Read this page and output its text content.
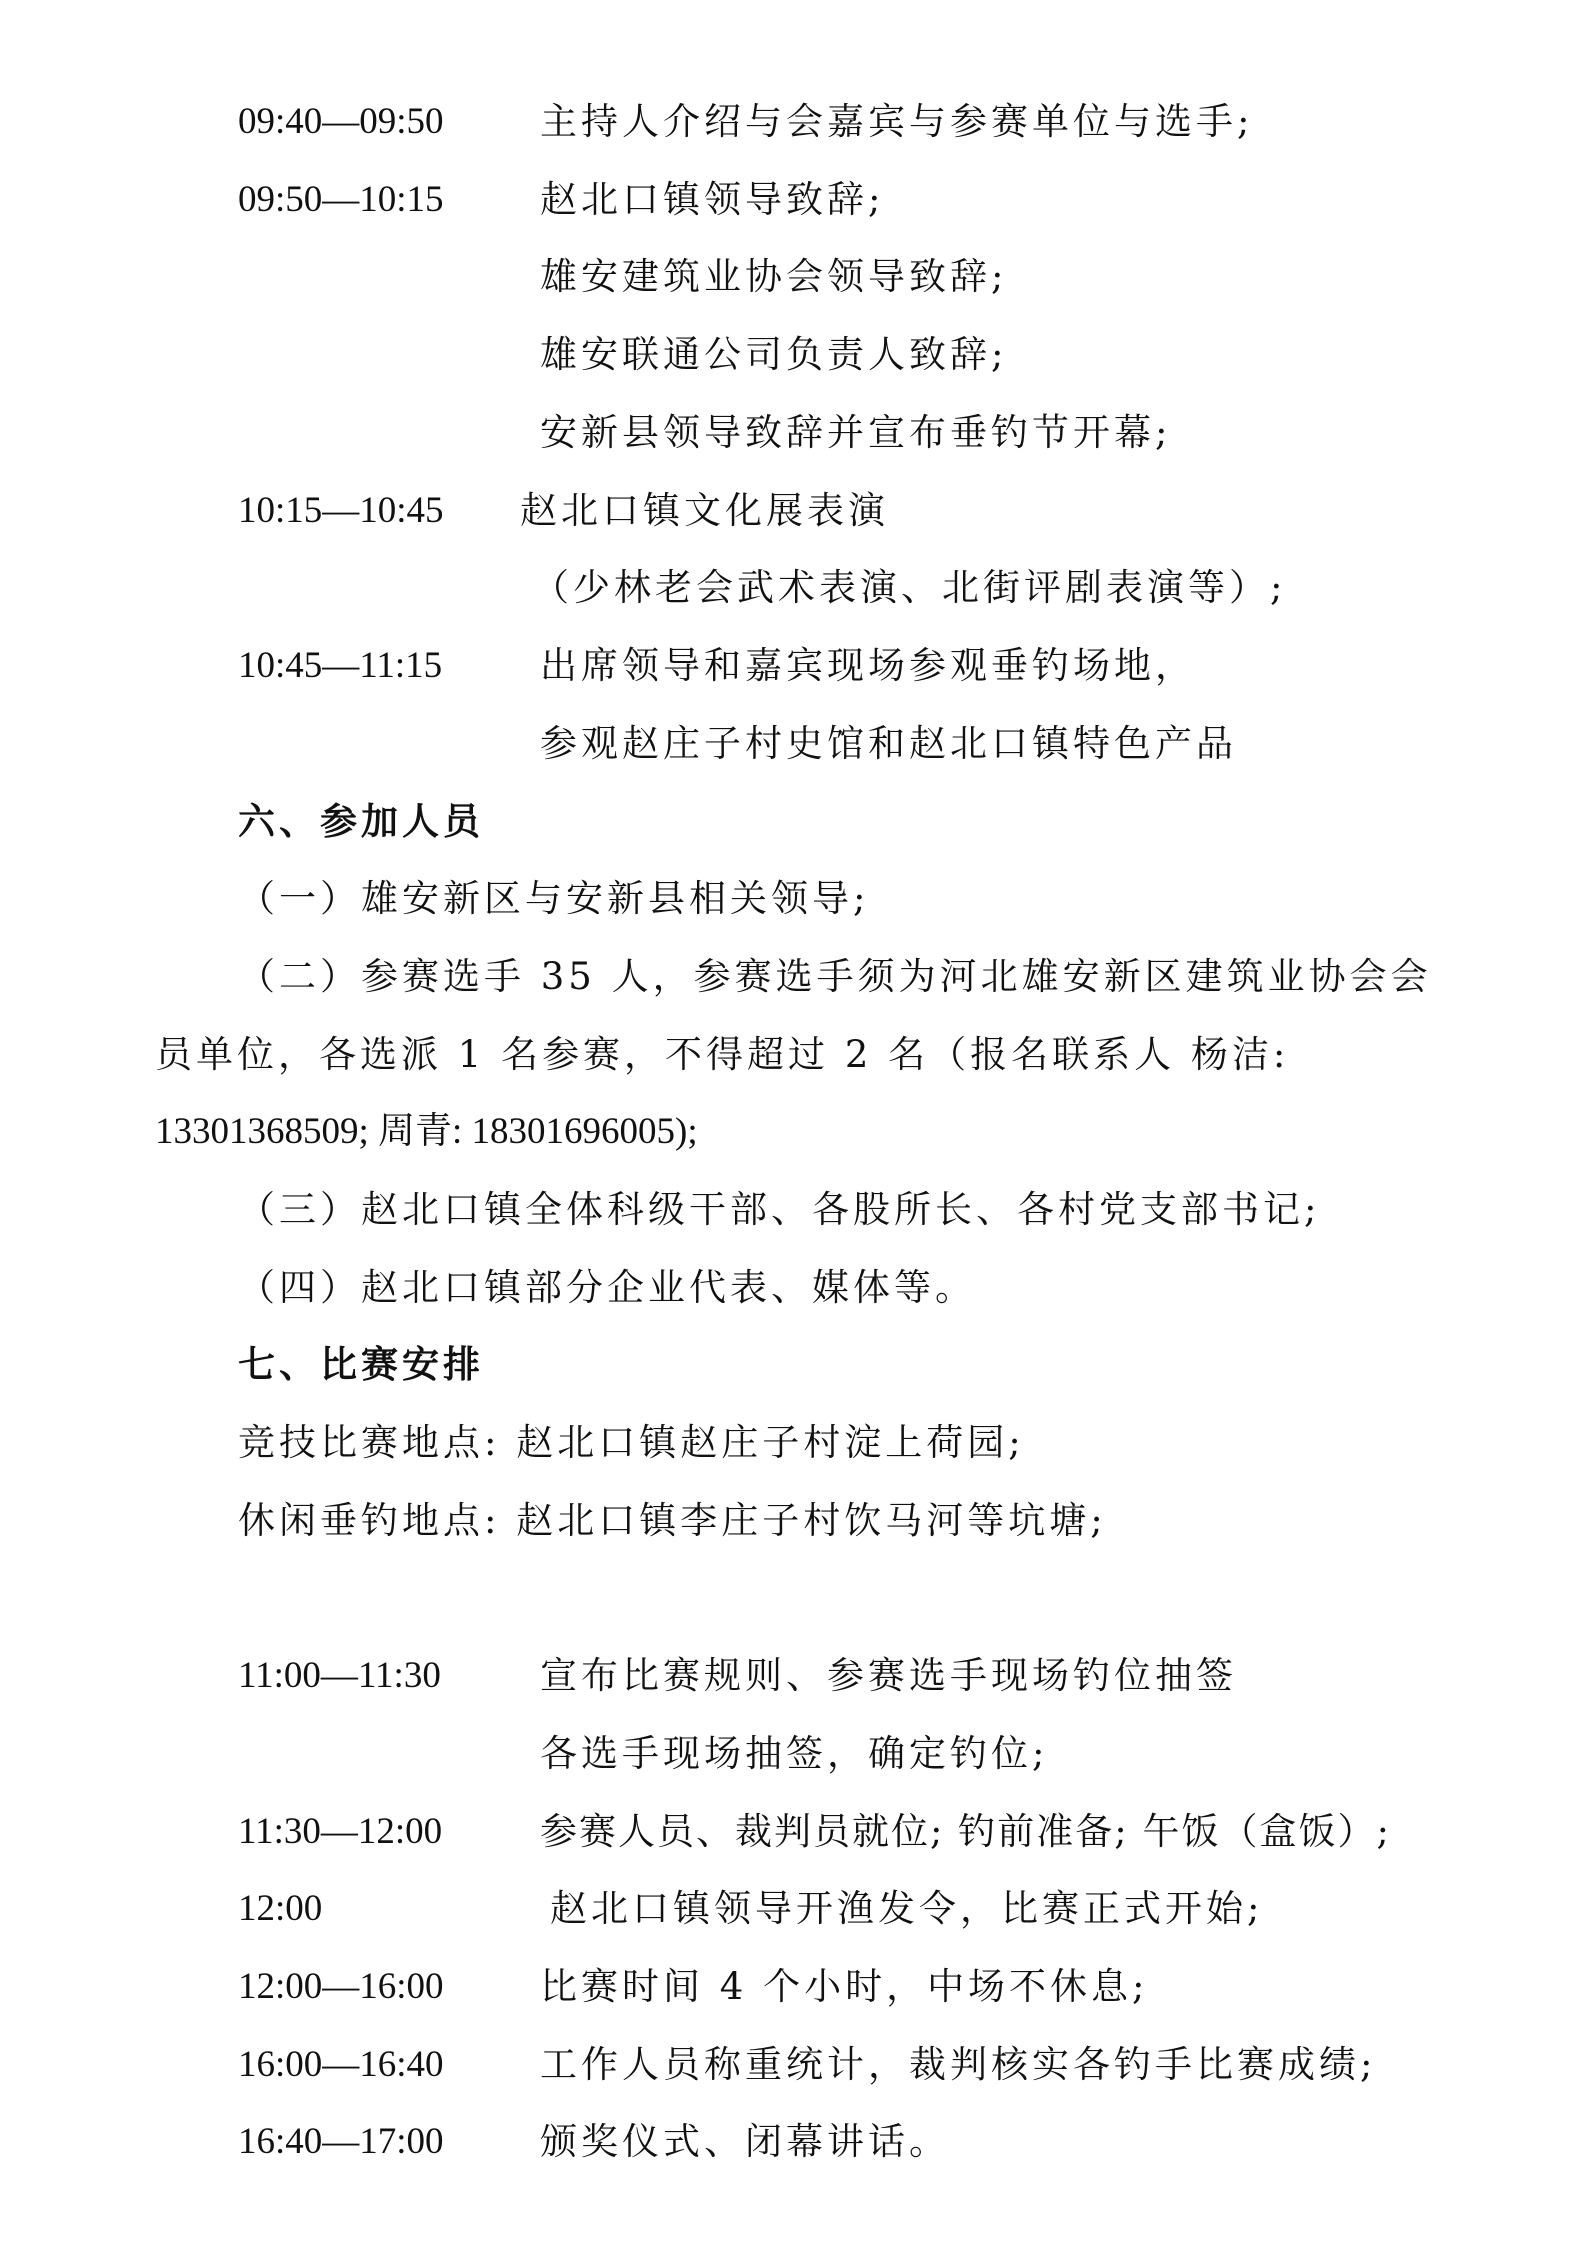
09:40—09:50	主持人介绍与会嘉宾与参赛单位与选手;
09:50—10:15	赵北口镇领导致辞;
雄安建筑业协会领导致辞;
雄安联通公司负责人致辞;
安新县领导致辞并宣布垂钓节开幕;
10:15—10:45 赵北口镇文化展表演
（少林老会武术表演、北街评剧表演等）;
10:45—11:15	出席领导和嘉宾现场参观垂钓场地，
参观赵庄子村史馆和赵北口镇特色产品
六、参加人员
（一）雄安新区与安新县相关领导;
（二）参赛选手 35 人，参赛选手须为河北雄安新区建筑业协会会
员单位，各选派 1 名参赛，不得超过 2 名（报名联系人 杨洁:
13301368509; 周青: 18301696005);
（三）赵北口镇全体科级干部、各股所长、各村党支部书记;
（四）赵北口镇部分企业代表、媒体等。
七、比赛安排
竞技比赛地点: 赵北口镇赵庄子村淀上荷园;
休闲垂钓地点: 赵北口镇李庄子村饮马河等坑塘;
11:00—11:30	宣布比赛规则、参赛选手现场钓位抽签
各选手现场抽签，确定钓位;
11:30—12:00	参赛人员、裁判员就位; 钓前准备; 午饭（盒饭）;
12:00	赵北口镇领导开渔发令，比赛正式开始;
12:00—16:00	比赛时间 4 个小时，中场不休息;
16:00—16:40	工作人员称重统计，裁判核实各钓手比赛成绩;
16:40—17:00	颁奖仪式、闭幕讲话。
